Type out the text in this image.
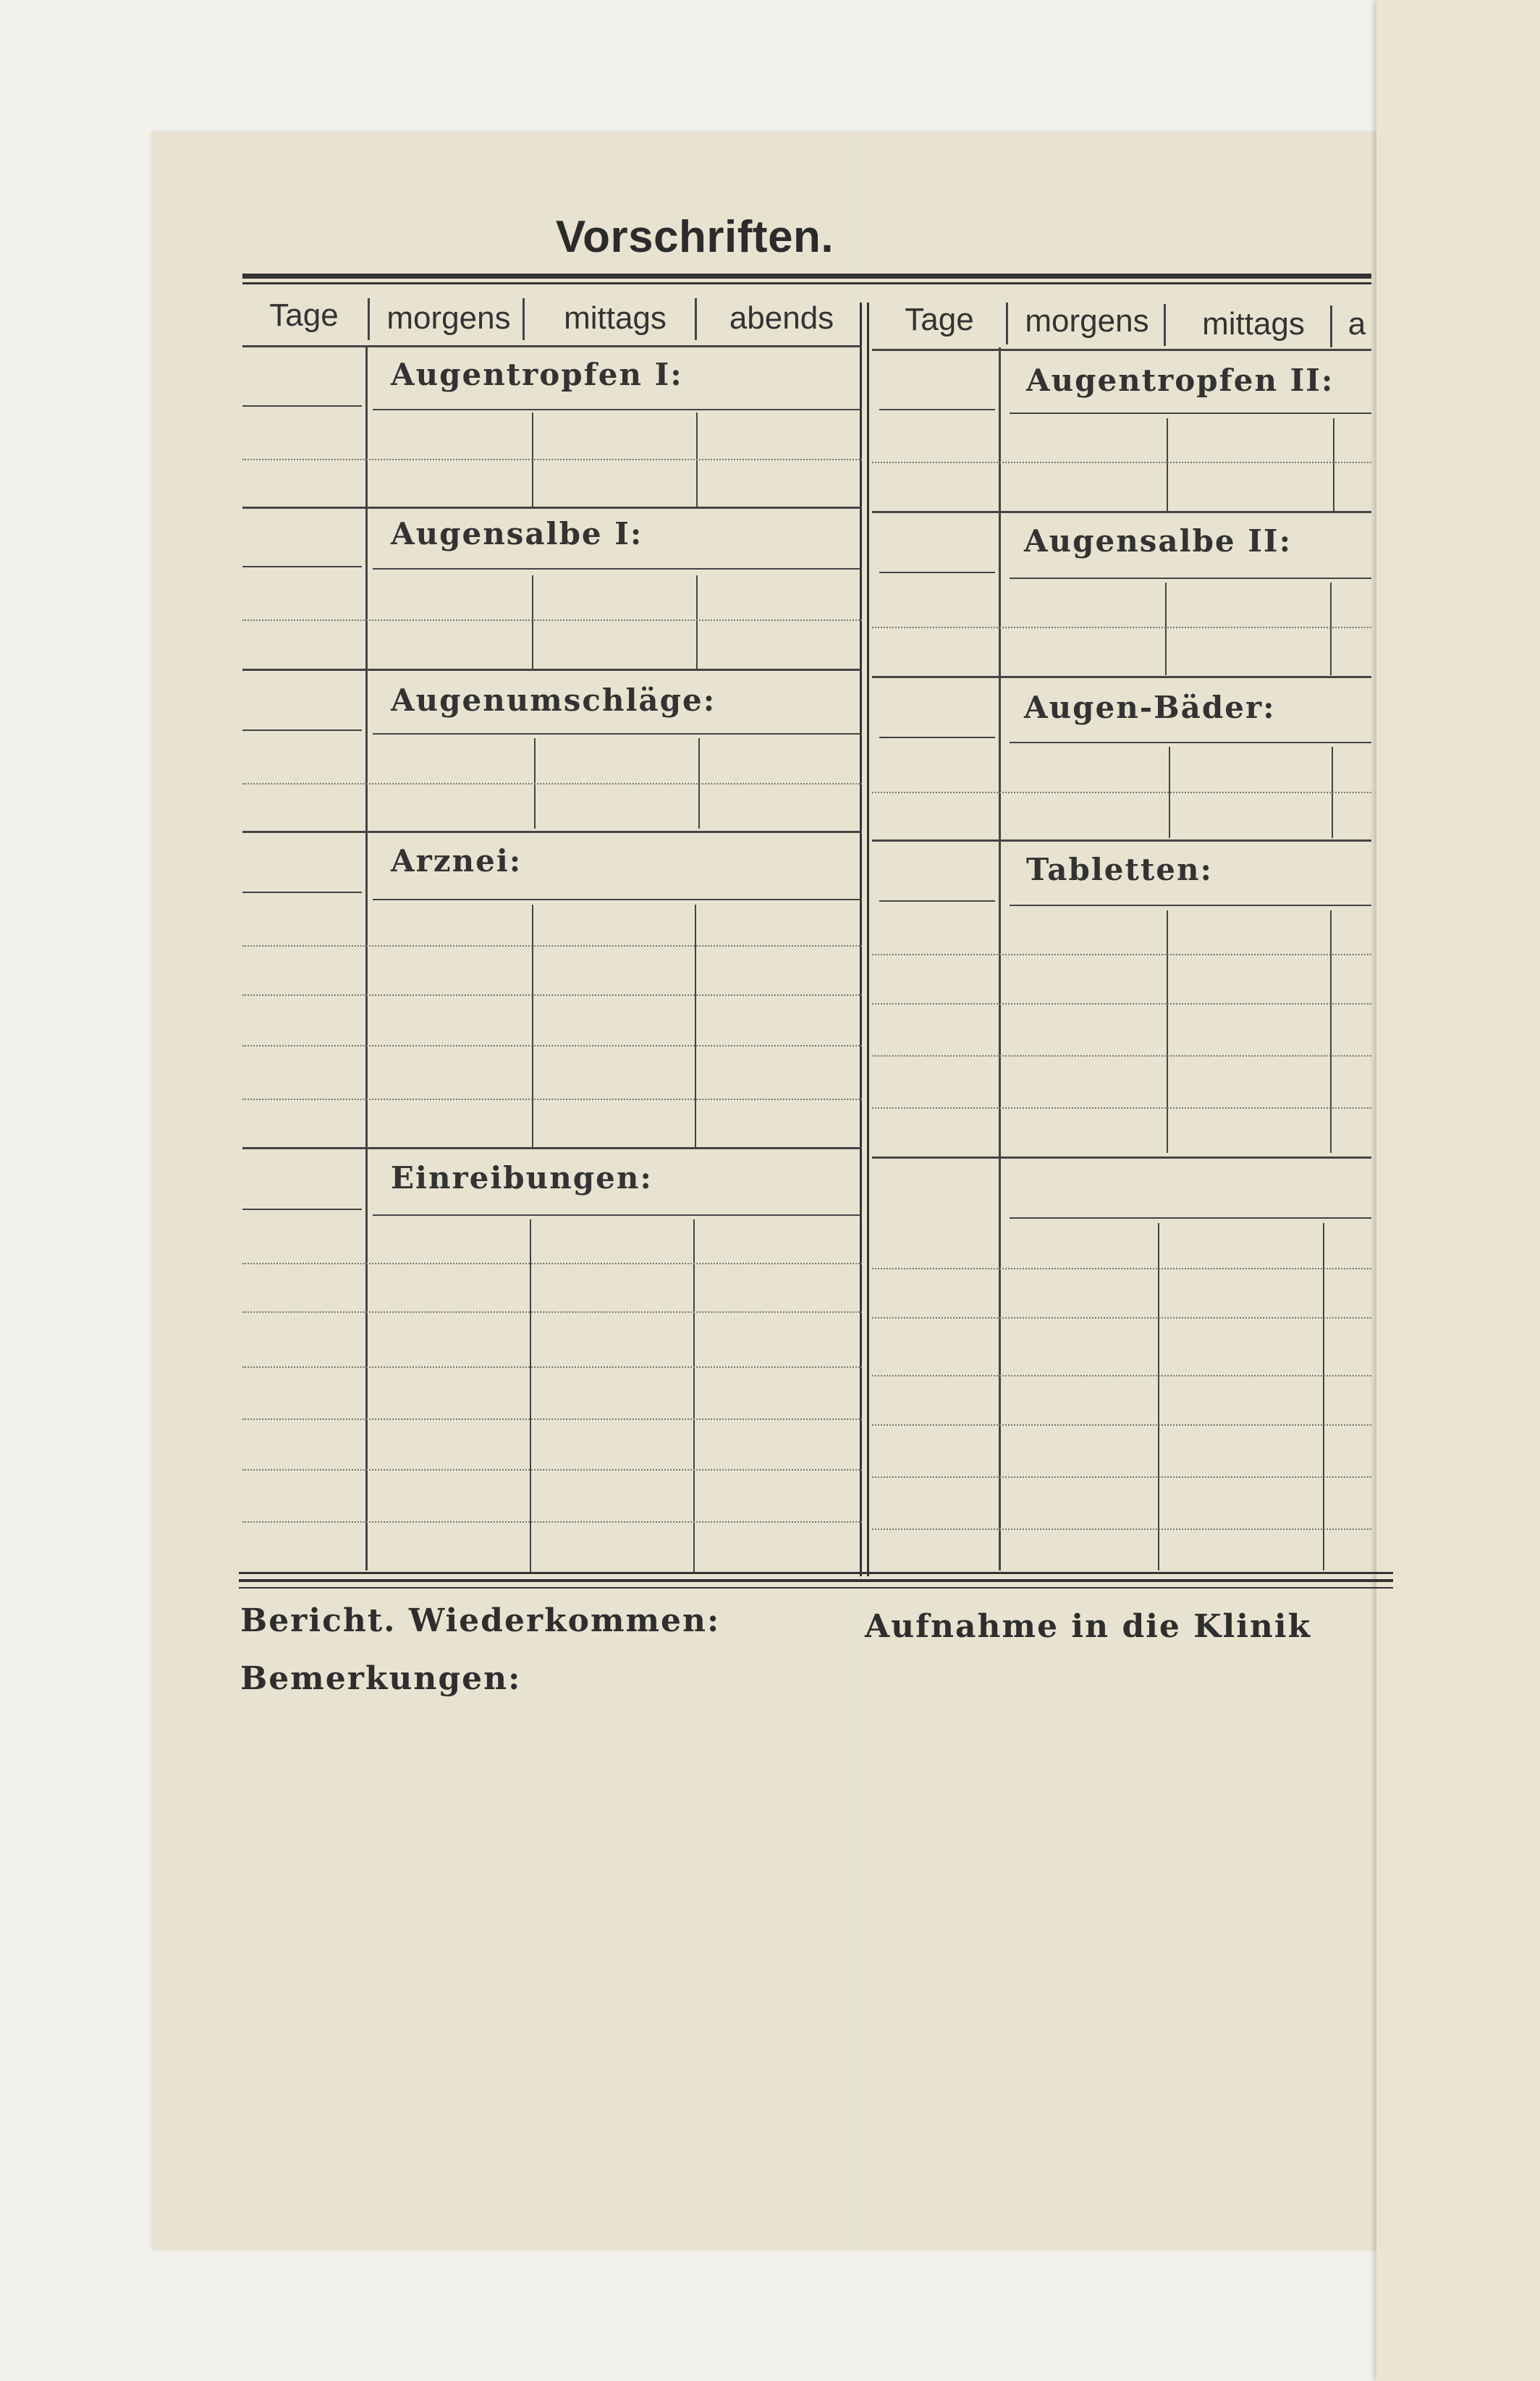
Vorschriften.
Tage	morgens	mittags	abends	Tage	morgens	mittags	a
Augentropfen I:
Augensalbe I:
Augenumschläge:
Arznei:
Einreibungen:
Augentropfen II:
Augensalbe II:
Augen-Bäder:
Tabletten:
Bericht. Wiederkommen:	Aufnahme in die Klinik
Bemerkungen:
